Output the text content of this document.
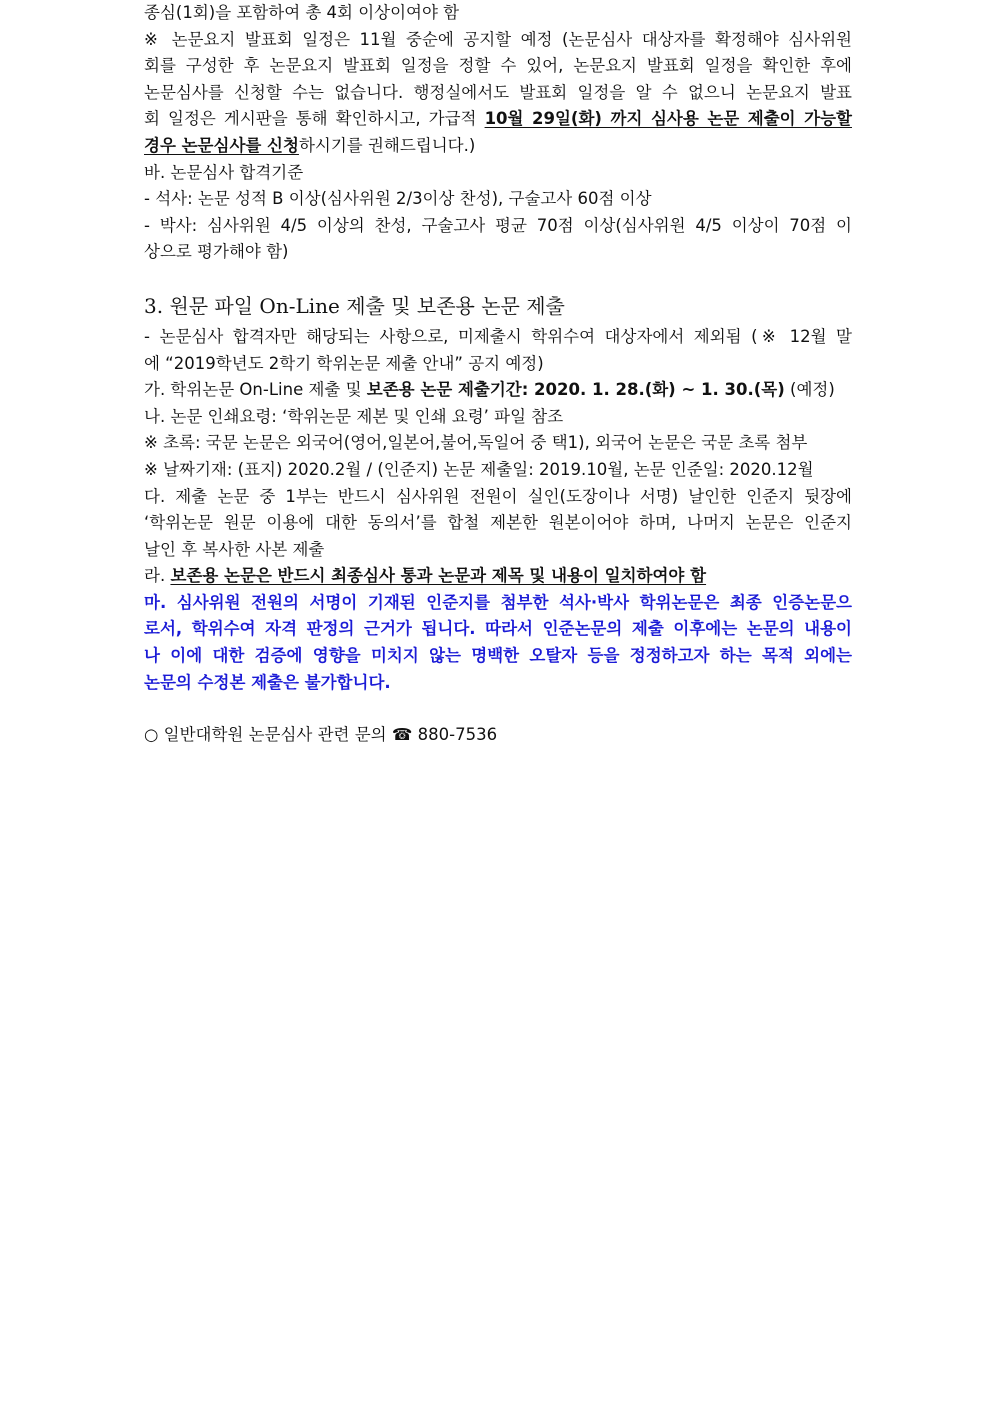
종심(1회)을 포함하여 총 4회 이상이여야 함
※ 논문요지 발표회 일정은 11월 중순에 공지할 예정 (논문심사 대상자를 확정해야 심사위원
회를 구성한 후 논문요지 발표회 일정을 정할 수 있어, 논문요지 발표회 일정을 확인한 후에
논문심사를 신청할 수는 없습니다. 행정실에서도 발표회 일정을 알 수 없으니 논문요지 발표
회 일정은 게시판을 통해 확인하시고, 가급적 10월 29일(화) 까지 심사용 논문 제출이 가능할
경우 논문심사를 신청하시기를 권해드립니다.)
바. 논문심사 합격기준
- 석사: 논문 성적 B 이상(심사위원 2/3이상 찬성), 구술고사 60점 이상
- 박사: 심사위원 4/5 이상의 찬성, 구술고사 평균 70점 이상(심사위원 4/5 이상이 70점 이
상으로 평가해야 함)
3. 원문 파일 On-Line 제출 및 보존용 논문 제출
- 논문심사 합격자만 해당되는 사항으로, 미제출시 학위수여 대상자에서 제외됨 (※ 12월 말
에 “2019학년도 2학기 학위논문 제출 안내” 공지 예정)
가. 학위논문 On-Line 제출 및 보존용 논문 제출기간: 2020. 1. 28.(화) ~ 1. 30.(목) (예정)
나. 논문 인쇄요령: ‘학위논문 제본 및 인쇄 요령’ 파일 참조
※ 초록: 국문 논문은 외국어(영어,일본어,불어,독일어 중 택1), 외국어 논문은 국문 초록 첨부
※ 날짜기재: (표지) 2020.2월 / (인준지) 논문 제출일: 2019.10월, 논문 인준일: 2020.12월
다. 제출 논문 중 1부는 반드시 심사위원 전원이 실인(도장이나 서명) 날인한 인준지 뒷장에
‘학위논문 원문 이용에 대한 동의서’를 합철 제본한 원본이어야 하며, 나머지 논문은 인준지
날인 후 복사한 사본 제출
라. 보존용 논문은 반드시 최종심사 통과 논문과 제목 및 내용이 일치하여야 함
마. 심사위원 전원의 서명이 기재된 인준지를 첨부한 석사·박사 학위논문은 최종 인증논문으
로서, 학위수여 자격 판정의 근거가 됩니다. 따라서 인준논문의 제출 이후에는 논문의 내용이
나 이에 대한 검증에 영향을 미치지 않는 명백한 오탈자 등을 정정하고자 하는 목적 외에는
논문의 수정본 제출은 불가합니다.
○ 일반대학원 논문심사 관련 문의 ☎ 880-7536
